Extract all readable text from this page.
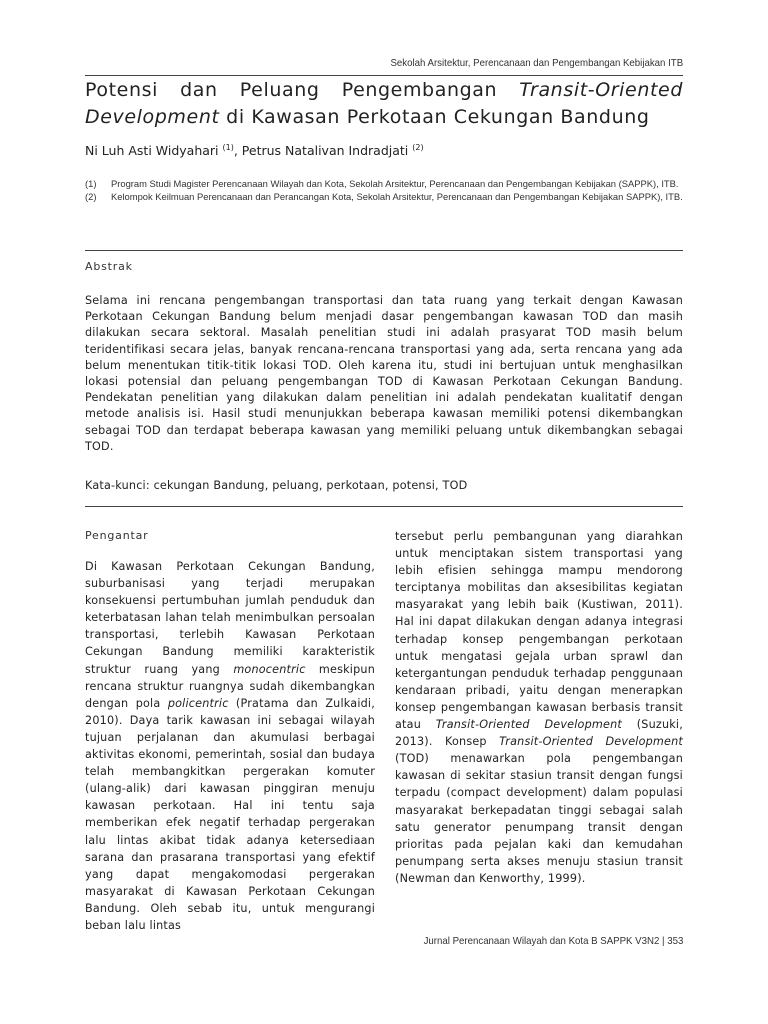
Sekolah Arsitektur, Perencanaan dan Pengembangan Kebijakan ITB
Potensi dan Peluang Pengembangan Transit-Oriented
Development di Kawasan Perkotaan Cekungan Bandung
Ni Luh Asti Widyahari $^{(1)}$, Petrus Natalivan Indradjati $^{(2)}$
(1)	Program Studi Magister Perencanaan Wilayah dan Kota, Sekolah Arsitektur, Perencanaan dan Pengembangan Kebijakan (SAPPK), ITB.
(2)	Kelompok Keilmuan Perencanaan dan Perancangan Kota, Sekolah Arsitektur, Perencanaan dan Pengembangan Kebijakan SAPPK), ITB.
Abstrak
Selama ini rencana pengembangan transportasi dan tata ruang yang terkait dengan Kawasan Perkotaan Cekungan Bandung belum menjadi dasar pengembangan kawasan TOD dan masih dilakukan secara sektoral. Masalah penelitian studi ini adalah prasyarat TOD masih belum teridentifikasi secara jelas, banyak rencana-rencana transportasi yang ada, serta rencana yang ada belum menentukan titik-titik lokasi TOD. Oleh karena itu, studi ini bertujuan untuk menghasilkan lokasi potensial dan peluang pengembangan TOD di Kawasan Perkotaan Cekungan Bandung. Pendekatan penelitian yang dilakukan dalam penelitian ini adalah pendekatan kualitatif dengan metode analisis isi. Hasil studi menunjukkan beberapa kawasan memiliki potensi dikembangkan sebagai TOD dan terdapat beberapa kawasan yang memiliki peluang untuk dikembangkan sebagai TOD.
Kata-kunci: cekungan Bandung, peluang, perkotaan, potensi, TOD
Pengantar
Di Kawasan Perkotaan Cekungan Bandung, suburbanisasi yang terjadi merupakan konsekuensi pertumbuhan jumlah penduduk dan keterbatasan lahan telah menimbulkan persoalan transportasi, terlebih Kawasan Perkotaan Cekungan Bandung memiliki karakteristik struktur ruang yang monocentric meskipun rencana struktur ruangnya sudah dikembangkan dengan pola policentric (Pratama dan Zulkaidi, 2010). Daya tarik kawasan ini sebagai wilayah tujuan perjalanan dan akumulasi berbagai aktivitas ekonomi, pemerintah, sosial dan budaya telah membangkitkan pergerakan komuter (ulang-alik) dari kawasan pinggiran menuju kawasan perkotaan. Hal ini tentu saja memberikan efek negatif terhadap pergerakan lalu lintas akibat tidak adanya ketersediaan sarana dan prasarana transportasi yang efektif yang dapat mengakomodasi pergerakan masyarakat di Kawasan Perkotaan Cekungan Bandung. Oleh sebab itu, untuk mengurangi beban lalu lintas
tersebut perlu pembangunan yang diarahkan untuk menciptakan sistem transportasi yang lebih efisien sehingga mampu mendorong terciptanya mobilitas dan aksesibilitas kegiatan masyarakat yang lebih baik (Kustiwan, 2011). Hal ini dapat dilakukan dengan adanya integrasi terhadap konsep pengembangan perkotaan untuk mengatasi gejala urban sprawl dan ketergantungan penduduk terhadap penggunaan kendaraan pribadi, yaitu dengan menerapkan konsep pengembangan kawasan berbasis transit atau Transit-Oriented Development (Suzuki, 2013). Konsep Transit-Oriented Development (TOD) menawarkan pola pengembangan kawasan di sekitar stasiun transit dengan fungsi terpadu (compact development) dalam populasi masyarakat berkepadatan tinggi sebagai salah satu generator penumpang transit dengan prioritas pada pejalan kaki dan kemudahan penumpang serta akses menuju stasiun transit (Newman dan Kenworthy, 1999).
Jurnal Perencanaan Wilayah dan Kota B SAPPK V3N2 | 353
